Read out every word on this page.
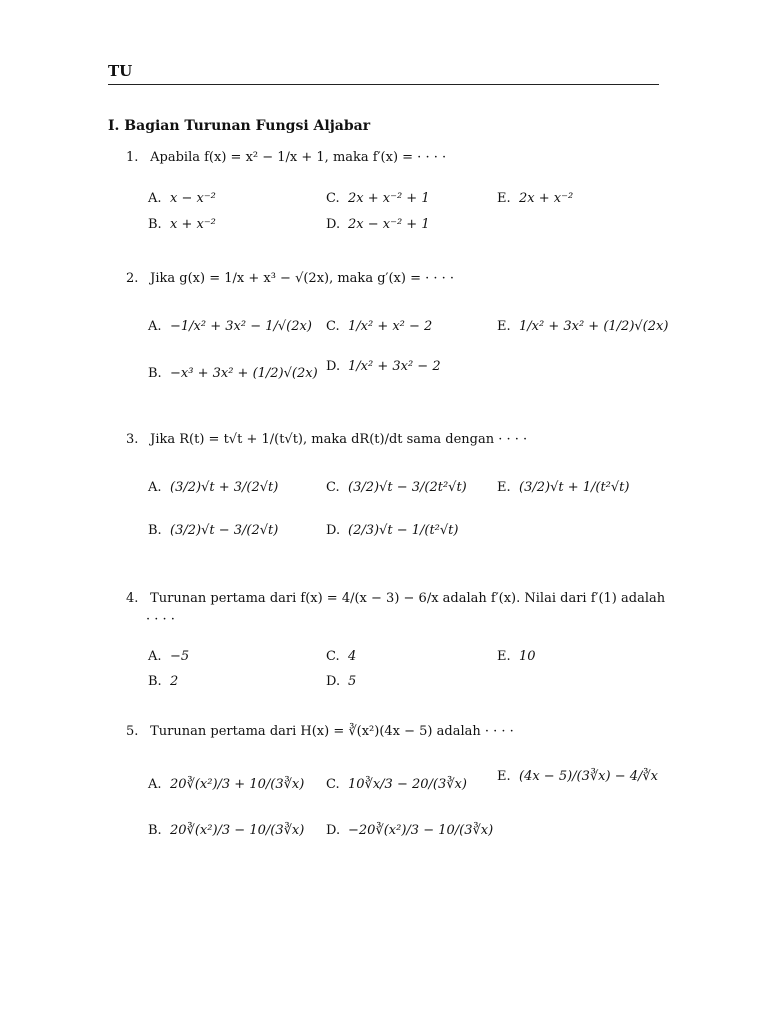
TU
I. Bagian Turunan Fungsi Aljabar
1. Apabila f(x) = x² − 1/x + 1, maka f′(x) = · · · ·
A. x − x⁻²
B. x + x⁻²
C. 2x + x⁻² + 1
D. 2x − x⁻² + 1
E. 2x + x⁻²
2. Jika g(x) = 1/x + x³ − √(2x), maka g′(x) = · · · ·
A. −1/x² + 3x² − 1/√(2x)
B. −x³ + 3x² + (1/2)√(2x)
C. 1/x² + x² − 2
D. 1/x² + 3x² − 2
E. 1/x² + 3x² + (1/2)√(2x)
3. Jika R(t) = t√t + 1/(t√t), maka dR(t)/dt sama dengan · · · ·
A. (3/2)√t + 3/(2√t)
B. (3/2)√t − 3/(2√t)
C. (3/2)√t − 3/(2t²√t)
D. (2/3)√t − 1/(t²√t)
E. (3/2)√t + 1/(t²√t)
4. Turunan pertama dari f(x) = 4/(x − 3) − 6/x adalah f′(x). Nilai dari f′(1) adalah
· · · ·
A. −5
B. 2
C. 4
D. 5
E. 10
5. Turunan pertama dari H(x) = ∛(x²)(4x − 5) adalah · · · ·
A. 20∛(x²)/3 + 10/(3∛x)
B. 20∛(x²)/3 − 10/(3∛x)
C. 10∛x/3 − 20/(3∛x)
D. −20∛(x²)/3 − 10/(3∛x)
E. (4x − 5)/(3∛x) − 4/∛x
